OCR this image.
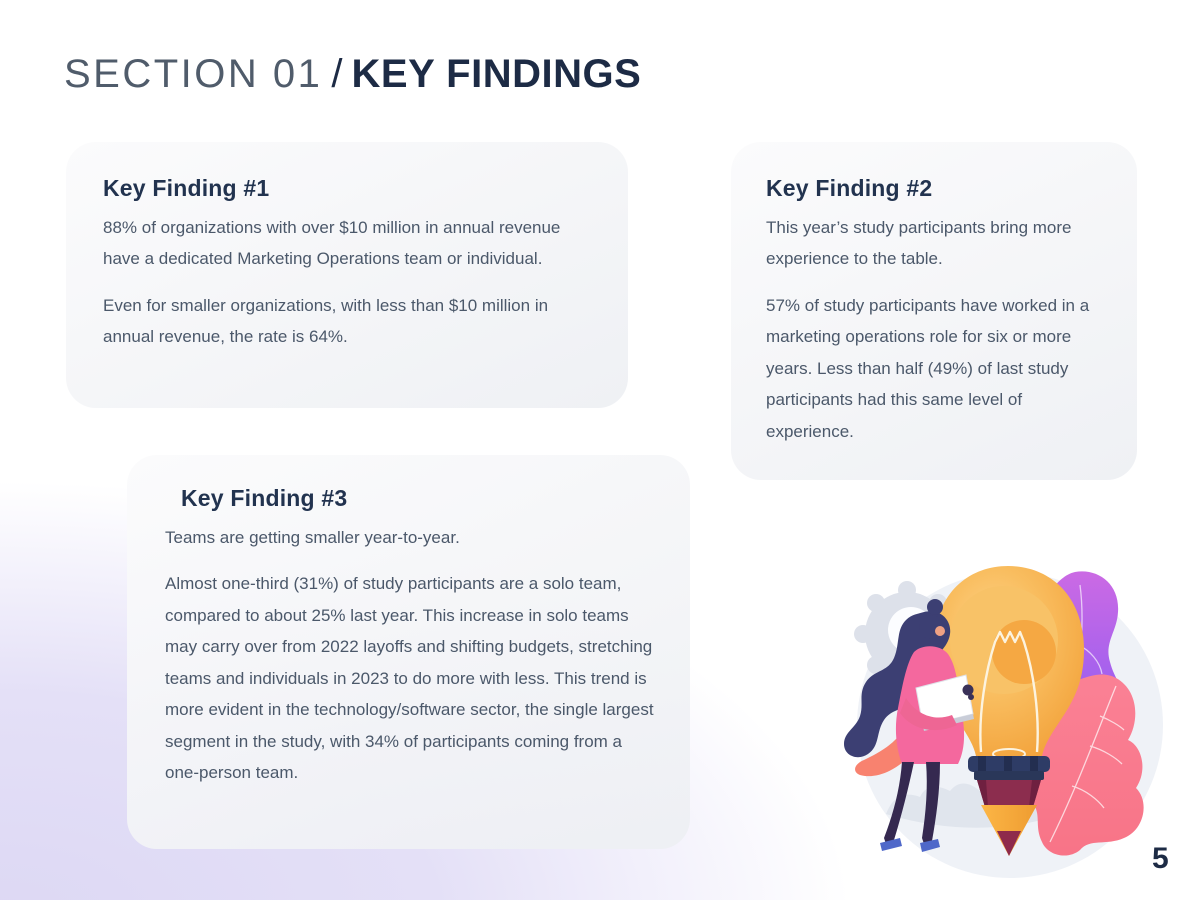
SECTION 01 / KEY FINDINGS
Key Finding #1

88% of organizations with over $10 million in annual revenue have a dedicated Marketing Operations team or individual.

Even for smaller organizations, with less than $10 million in annual revenue, the rate is 64%.

Key Finding #2

This year’s study participants bring more experience to the table.

57% of study participants have worked in a marketing operations role for six or more years. Less than half (49%) of last study participants had this same level of experience.

Key Finding #3

Teams are getting smaller year-to-year.

Almost one-third (31%) of study participants are a solo team, compared to about 25% last year. This increase in solo teams may carry over from 2022 layoffs and shifting budgets, stretching teams and individuals in 2023 to do more with less. This trend is more evident in the technology/software sector, the single largest segment in the study, with 34% of participants coming from a one-person team.

5
